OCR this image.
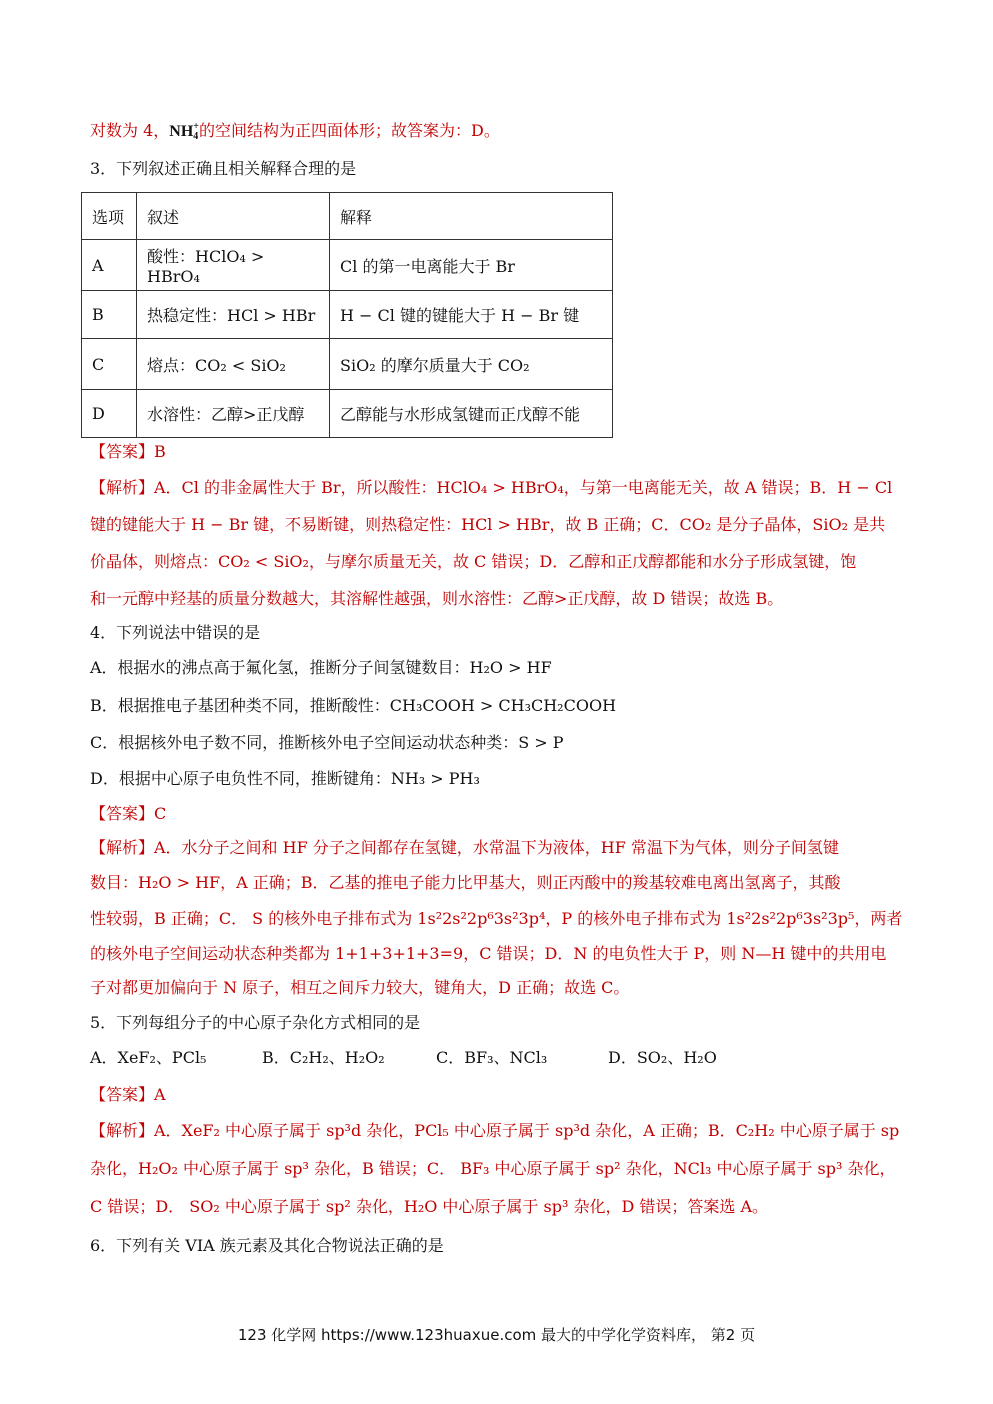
对数为 4，NH +
4 的空间结构为正四面体形；故答案为：D。
3．下列叙述正确且相关解释合理的是
选项	叙述	解释
A	酸性：HClO₄ > HBrO₄	Cl 的第一电离能大于 Br
B	热稳定性：HCl > HBr	H − Cl 键的键能大于 H − Br 键
C	熔点：CO₂ < SiO₂	SiO₂ 的摩尔质量大于 CO₂
D	水溶性：乙醇>正戊醇	乙醇能与水形成氢键而正戊醇不能
【答案】B
【解析】A．Cl 的非金属性大于 Br，所以酸性：HClO₄ > HBrO₄，与第一电离能无关，故 A 错误；B．H − Cl
键的键能大于 H − Br 键，不易断键，则热稳定性：HCl > HBr，故 B 正确；C．CO₂ 是分子晶体，SiO₂ 是共
价晶体，则熔点：CO₂ < SiO₂，与摩尔质量无关，故 C 错误；D．乙醇和正戊醇都能和水分子形成氢键，饱
和一元醇中羟基的质量分数越大，其溶解性越强，则水溶性：乙醇>正戊醇，故 D 错误；故选 B。
4．下列说法中错误的是
A．根据水的沸点高于氟化氢，推断分子间氢键数目：H₂O > HF
B．根据推电子基团种类不同，推断酸性：CH₃COOH > CH₃CH₂COOH
C．根据核外电子数不同，推断核外电子空间运动状态种类：S > P
D．根据中心原子电负性不同，推断键角：NH₃ > PH₃
【答案】C
【解析】A．水分子之间和 HF 分子之间都存在氢键，水常温下为液体，HF 常温下为气体，则分子间氢键
数目：H₂O > HF，A 正确；B．乙基的推电子能力比甲基大，则正丙酸中的羧基较难电离出氢离子，其酸
性较弱，B 正确；C． S 的核外电子排布式为 1s²2s²2p⁶3s²3p⁴，P 的核外电子排布式为 1s²2s²2p⁶3s²3p⁵，两者
的核外电子空间运动状态种类都为 1+1+3+1+3=9，C 错误；D．N 的电负性大于 P，则 N—H 键中的共用电
子对都更加偏向于 N 原子，相互之间斥力较大，键角大，D 正确；故选 C。
5．下列每组分子的中心原子杂化方式相同的是
A．XeF₂、PCl₅	B．C₂H₂、H₂O₂	C．BF₃、NCl₃	D．SO₂、H₂O
【答案】A
【解析】A．XeF₂ 中心原子属于 sp³d 杂化，PCl₅ 中心原子属于 sp³d 杂化，A 正确；B．C₂H₂ 中心原子属于 sp
杂化，H₂O₂ 中心原子属于 sp³ 杂化，B 错误；C． BF₃ 中心原子属于 sp² 杂化，NCl₃ 中心原子属于 sp³ 杂化，
C 错误；D． SO₂ 中心原子属于 sp² 杂化，H₂O 中心原子属于 sp³ 杂化，D 错误；答案选 A。
6．下列有关 VIA 族元素及其化合物说法正确的是
123 化学网 https://www.123huaxue.com 最大的中学化学资料库， 第2 页
